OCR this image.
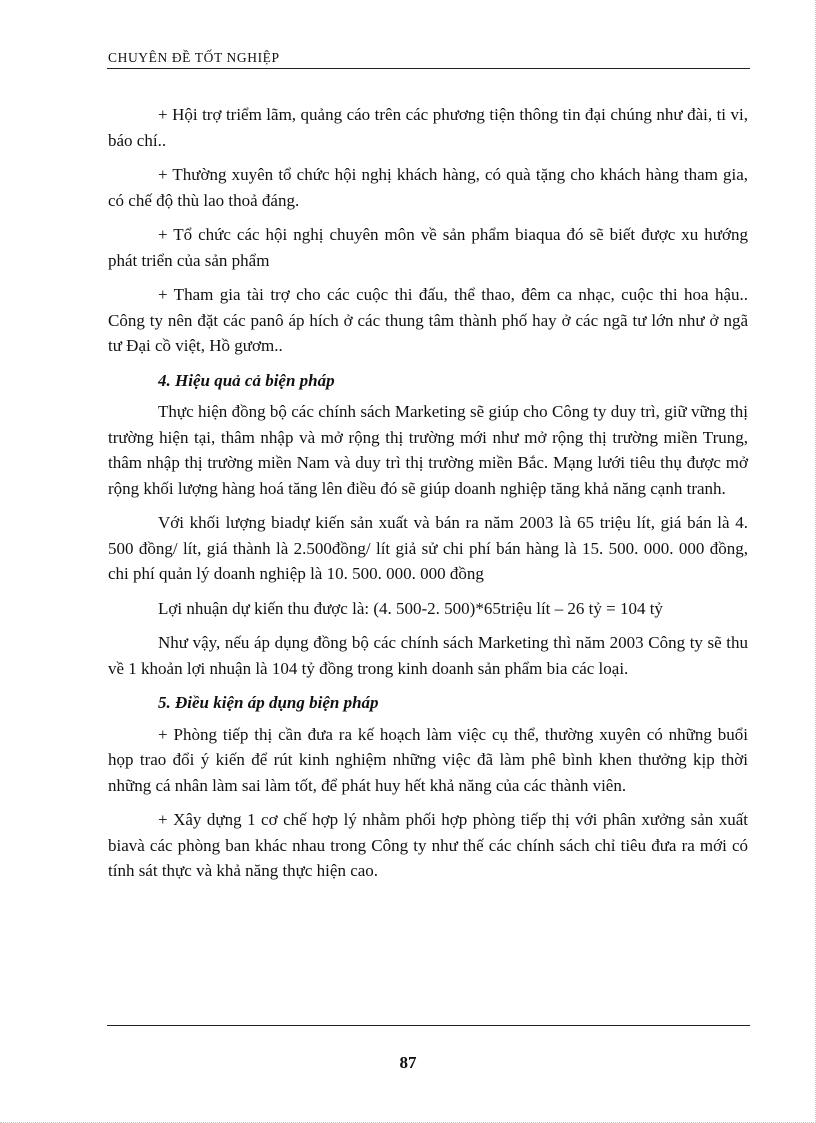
CHUYÊN ĐỀ TỐT NGHIỆP

+ Hội trợ triểm lãm, quảng cáo trên các phương tiện thông tin đại chúng như đài, ti vi, báo chí..

+ Thường xuyên tổ chức hội nghị khách hàng, có quà tặng cho khách hàng tham gia, có chế độ thù lao thoả đáng.

+ Tổ chức các hội nghị chuyên môn về sản phẩm biaqua đó sẽ biết được xu hướng phát triển của sản phẩm

+ Tham gia tài trợ cho các cuộc thi đấu, thể thao, đêm ca nhạc, cuộc thi hoa hậu.. Công ty nên đặt các panô áp hích ở các thung tâm thành phố hay ở các ngã tư lớn như ở ngã tư Đại cồ việt, Hồ gươm..

4. Hiệu quả cả biện pháp

Thực hiện đồng bộ các chính sách Marketing sẽ giúp cho Công ty duy trì, giữ vững thị trường hiện tại, thâm nhập và mở rộng thị trường mới như mở rộng thị trường miền Trung, thâm nhập thị trường miền Nam và duy trì thị trường miền Bắc. Mạng lưới tiêu thụ được mở rộng khối lượng hàng hoá tăng lên điều đó sẽ giúp doanh nghiệp tăng khả năng cạnh tranh.

Với khối lượng biadự kiến sản xuất và bán ra năm 2003 là 65 triệu lít, giá bán là 4. 500 đồng/ lít, giá thành là 2.500đồng/ lít giả sử chi phí bán hàng là 15. 500. 000. 000 đồng, chi phí quản lý doanh nghiệp là 10. 500. 000. 000 đồng

Lợi nhuận dự kiến thu được là: (4. 500-2. 500)*65triệu lít – 26 tỷ = 104 tỷ

Như vậy, nếu áp dụng đồng bộ các chính sách Marketing thì năm 2003 Công ty sẽ thu về 1 khoản lợi nhuận là 104 tỷ đồng trong kinh doanh sản phẩm bia các loại.

5. Điều kiện áp dụng biện pháp

+ Phòng tiếp thị cần đưa ra kế hoạch làm việc cụ thể, thường xuyên có những buổi họp trao đổi ý kiến để rút kinh nghiệm những việc đã làm phê bình khen thưởng kịp thời những cá nhân làm sai làm tốt, để phát huy hết khả năng của các thành viên.

+ Xây dựng 1 cơ chế hợp lý nhằm phối hợp phòng tiếp thị với phân xưởng sản xuất biavà các phòng ban khác nhau trong Công ty như thế các chính sách chỉ tiêu đưa ra mới có tính sát thực và khả năng thực hiện cao.

87
